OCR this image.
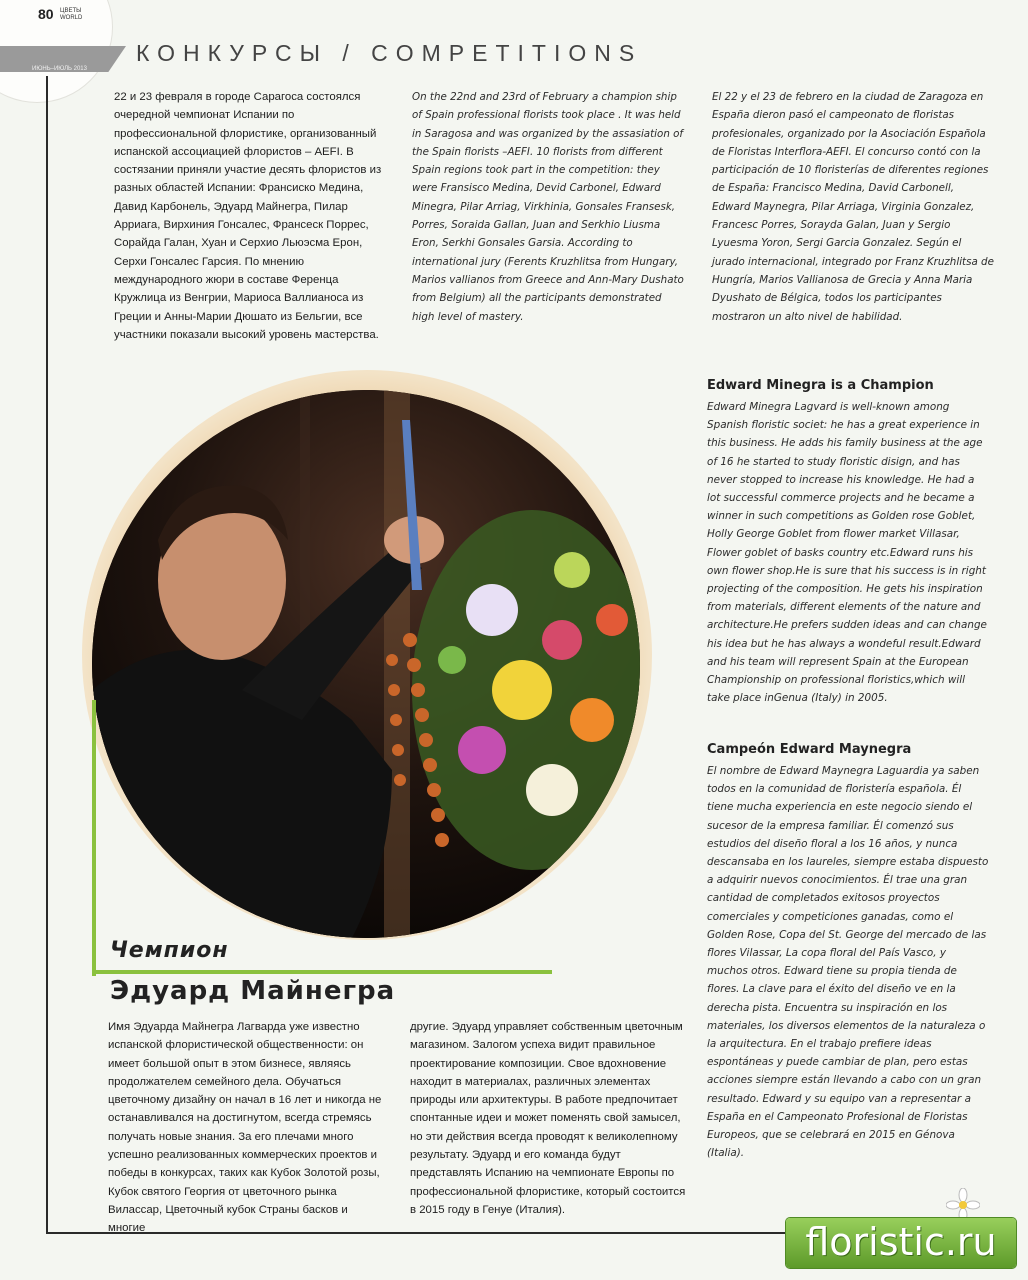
80 ЦВЕТЫ WORLD
ИЮНЬ–ИЮЛЬ 2013
КОНКУРСЫ / COMPETITIONS
22 и 23 февраля в городе Сарагоса состоялся очередной чемпионат Испании по профессиональной флористике, организованный испанской ассоциацией флористов – AEFI. В состязании приняли участие десять флористов из разных областей Испании: Франсиско Медина, Давид Карбонель, Эдуард Майнегра, Пилар Арриага, Вирхиния Гонсалес, Франсеск Поррес, Сорайда Галан, Хуан и Серхио Льюэсма Ерон, Серхи Гонсалес Гарсия. По мнению международного жюри в составе Ференца Кружлица из Венгрии, Мариоса Валлианоса из Греции и Анны-Марии Дюшато из Бельгии, все участники показали высокий уровень мастерства.
On the 22nd and 23rd of February a champion ship of Spain professional florists took place . It was held in Saragosa and was organized by the assasiation of the Spain florists –AEFI. 10 florists from different Spain regions took part in the competition: they were Fransisco Medina, Devid Carbonel, Edward Minegra, Pilar Arriag, Virkhinia, Gonsales Fransesk, Porres, Soraida Gallan, Juan and Serkhio Liusma Eron, Serkhi Gonsales Garsia. According to international jury (Ferents Kruzhlitsa from Hungary, Marios vallianos from Greece and Ann-Mary Dushato from Belgium) all the participants demonstrated high level of mastery.
El 22 y el 23 de febrero en la ciudad de Zaragoza en España dieron pasó el campeonato de floristas profesionales, organizado por la Asociación Española de Floristas Interflora-AEFI. El concurso contó con la participación de 10 floristerías de diferentes regiones de España: Francisco Medina, David Carbonell, Edward Maynegra, Pilar Arriaga, Virginia Gonzalez, Francesc Porres, Sorayda Galan, Juan y Sergio Lyuesma Yoron, Sergi Garcia Gonzalez. Según el jurado internacional, integrado por Franz Kruzhlitsa de Hungría, Marios Vallianosa de Grecia y Anna Maria Dyushato de Bélgica, todos los participantes mostraron un alto nivel de habilidad.
Чемпион
Эдуард Майнегра
Имя Эдуарда Майнегра Лагварда уже известно испанской флористической общественности: он имеет большой опыт в этом бизнесе, являясь продолжателем семейного дела. Обучаться цветочному дизайну он начал в 16 лет и никогда не останавливался на достигнутом, всегда стремясь получать новые знания. За его плечами много успешно реализованных коммерческих проектов и победы в конкурсах, таких как Кубок Золотой розы, Кубок святого Георгия от цветочного рынка Вилассар, Цветочный кубок Страны басков и многие
другие. Эдуард управляет собственным цветочным магазином. Залогом успеха видит правильное проектирование композиции. Свое вдохновение находит в материалах, различных элементах природы или архитектуры. В работе предпочитает спонтанные идеи и может поменять свой замысел, но эти действия всегда проводят к великолепному результату. Эдуард и его команда будут представлять Испанию на чемпионате Европы по профессиональной флористике, который состоится в 2015 году в Генуе (Италия).
Edward Minegra is a Champion
Edward Minegra Lagvard is well-known among Spanish floristic societ: he has a great experience in this business. He adds his family business at the age of 16 he started to study floristic disign, and has never stopped to increase his knowledge. He had a lot successful commerce projects and he became a winner in such competitions as Golden rose Goblet, Holly George Goblet from flower market Villasar, Flower goblet of basks country etc.Edward runs his own flower shop.He is sure that his success is in right projecting of the composition. He gets his inspiration from materials, different elements of the nature and architecture.He prefers sudden ideas and can change his idea but he has always a wondeful result.Edward and his team will represent Spain at the European Championship on professional floristics,which will take place inGenua (Italy) in 2005.
Campeón Edward Maynegra
El nombre de Edward Maynegra Laguardia ya saben todos en la comunidad de floristería española. Él tiene mucha experiencia en este negocio siendo el sucesor de la empresa familiar. Él comenzó sus estudios del diseño floral a los 16 años, y nunca descansaba en los laureles, siempre estaba dispuesto a adquirir nuevos conocimientos. Él trae una gran cantidad de completados exitosos proyectos comerciales y competiciones ganadas, como el Golden Rose, Copa del St. George del mercado de las flores Vilassar, La copa floral del País Vasco, y muchos otros. Edward tiene su propia tienda de flores. La clave para el éxito del diseño ve en la derecha pista. Encuentra su inspiración en los materiales, los diversos elementos de la naturaleza o la arquitectura. En el trabajo prefiere ideas espontáneas y puede cambiar de plan, pero estas acciones siempre están llevando a cabo con un gran resultado. Edward y su equipo van a representar a España en el Campeonato Profesional de Floristas Europeos, que se celebrará en 2015 en Génova (Italia).
floristic.ru
